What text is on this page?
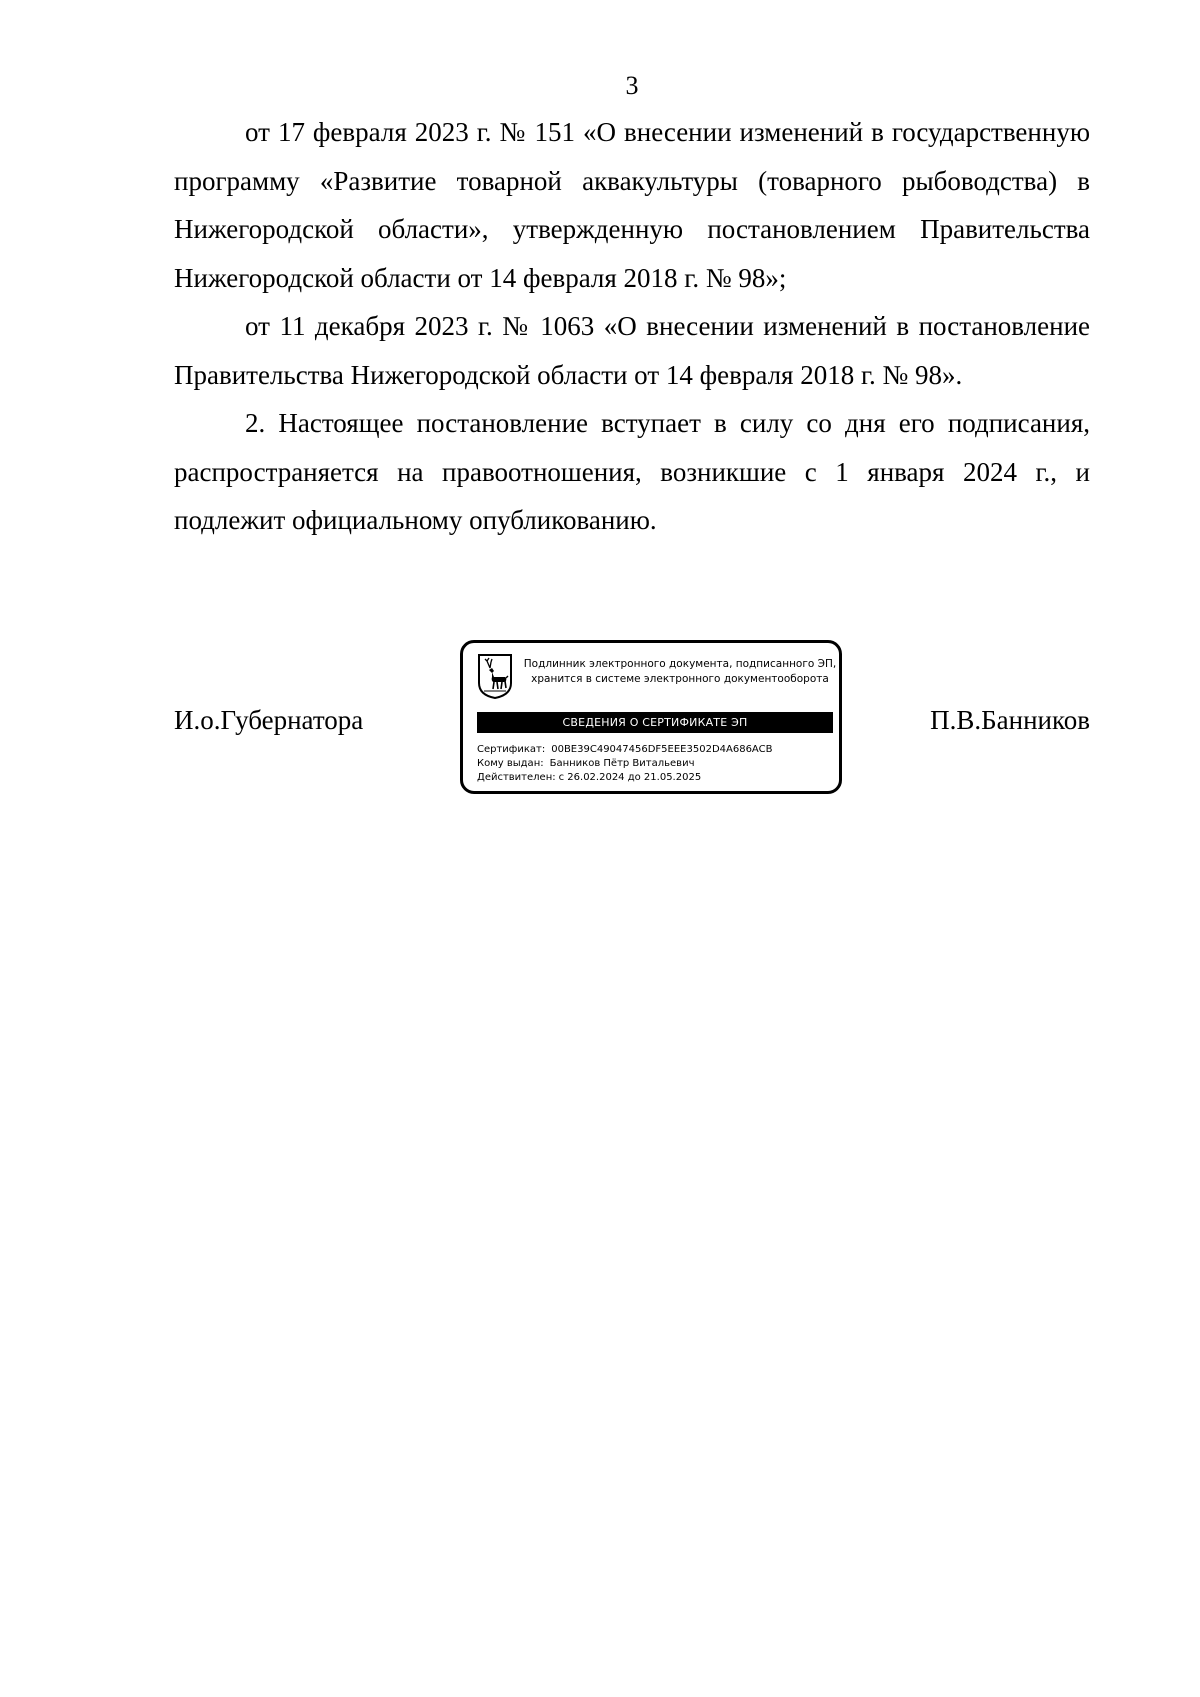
3

от 17 февраля 2023 г. № 151 «О внесении изменений в государственную программу «Развитие товарной аквакультуры (товарного рыбоводства) в Нижегородской области», утвержденную постановлением Правительства Нижегородской области от 14 февраля 2018 г. № 98»;

от 11 декабря 2023 г. № 1063 «О внесении изменений в постановление Правительства Нижегородской области от 14 февраля 2018 г. № 98».

2. Настоящее постановление вступает в силу со дня его подписания, распространяется на правоотношения, возникшие с 1 января 2024 г., и подлежит официальному опубликованию.

И.о.Губернатора
Подлинник электронного документа, подписанного ЭП,
хранится в системе электронного документооборота
СВЕДЕНИЯ О СЕРТИФИКАТЕ ЭП
Сертификат: 00BE39C49047456DF5EEE3502D4A686ACB
Кому выдан: Банников Пётр Витальевич
Действителен: с 26.02.2024 до 21.05.2025
П.В.Банников
